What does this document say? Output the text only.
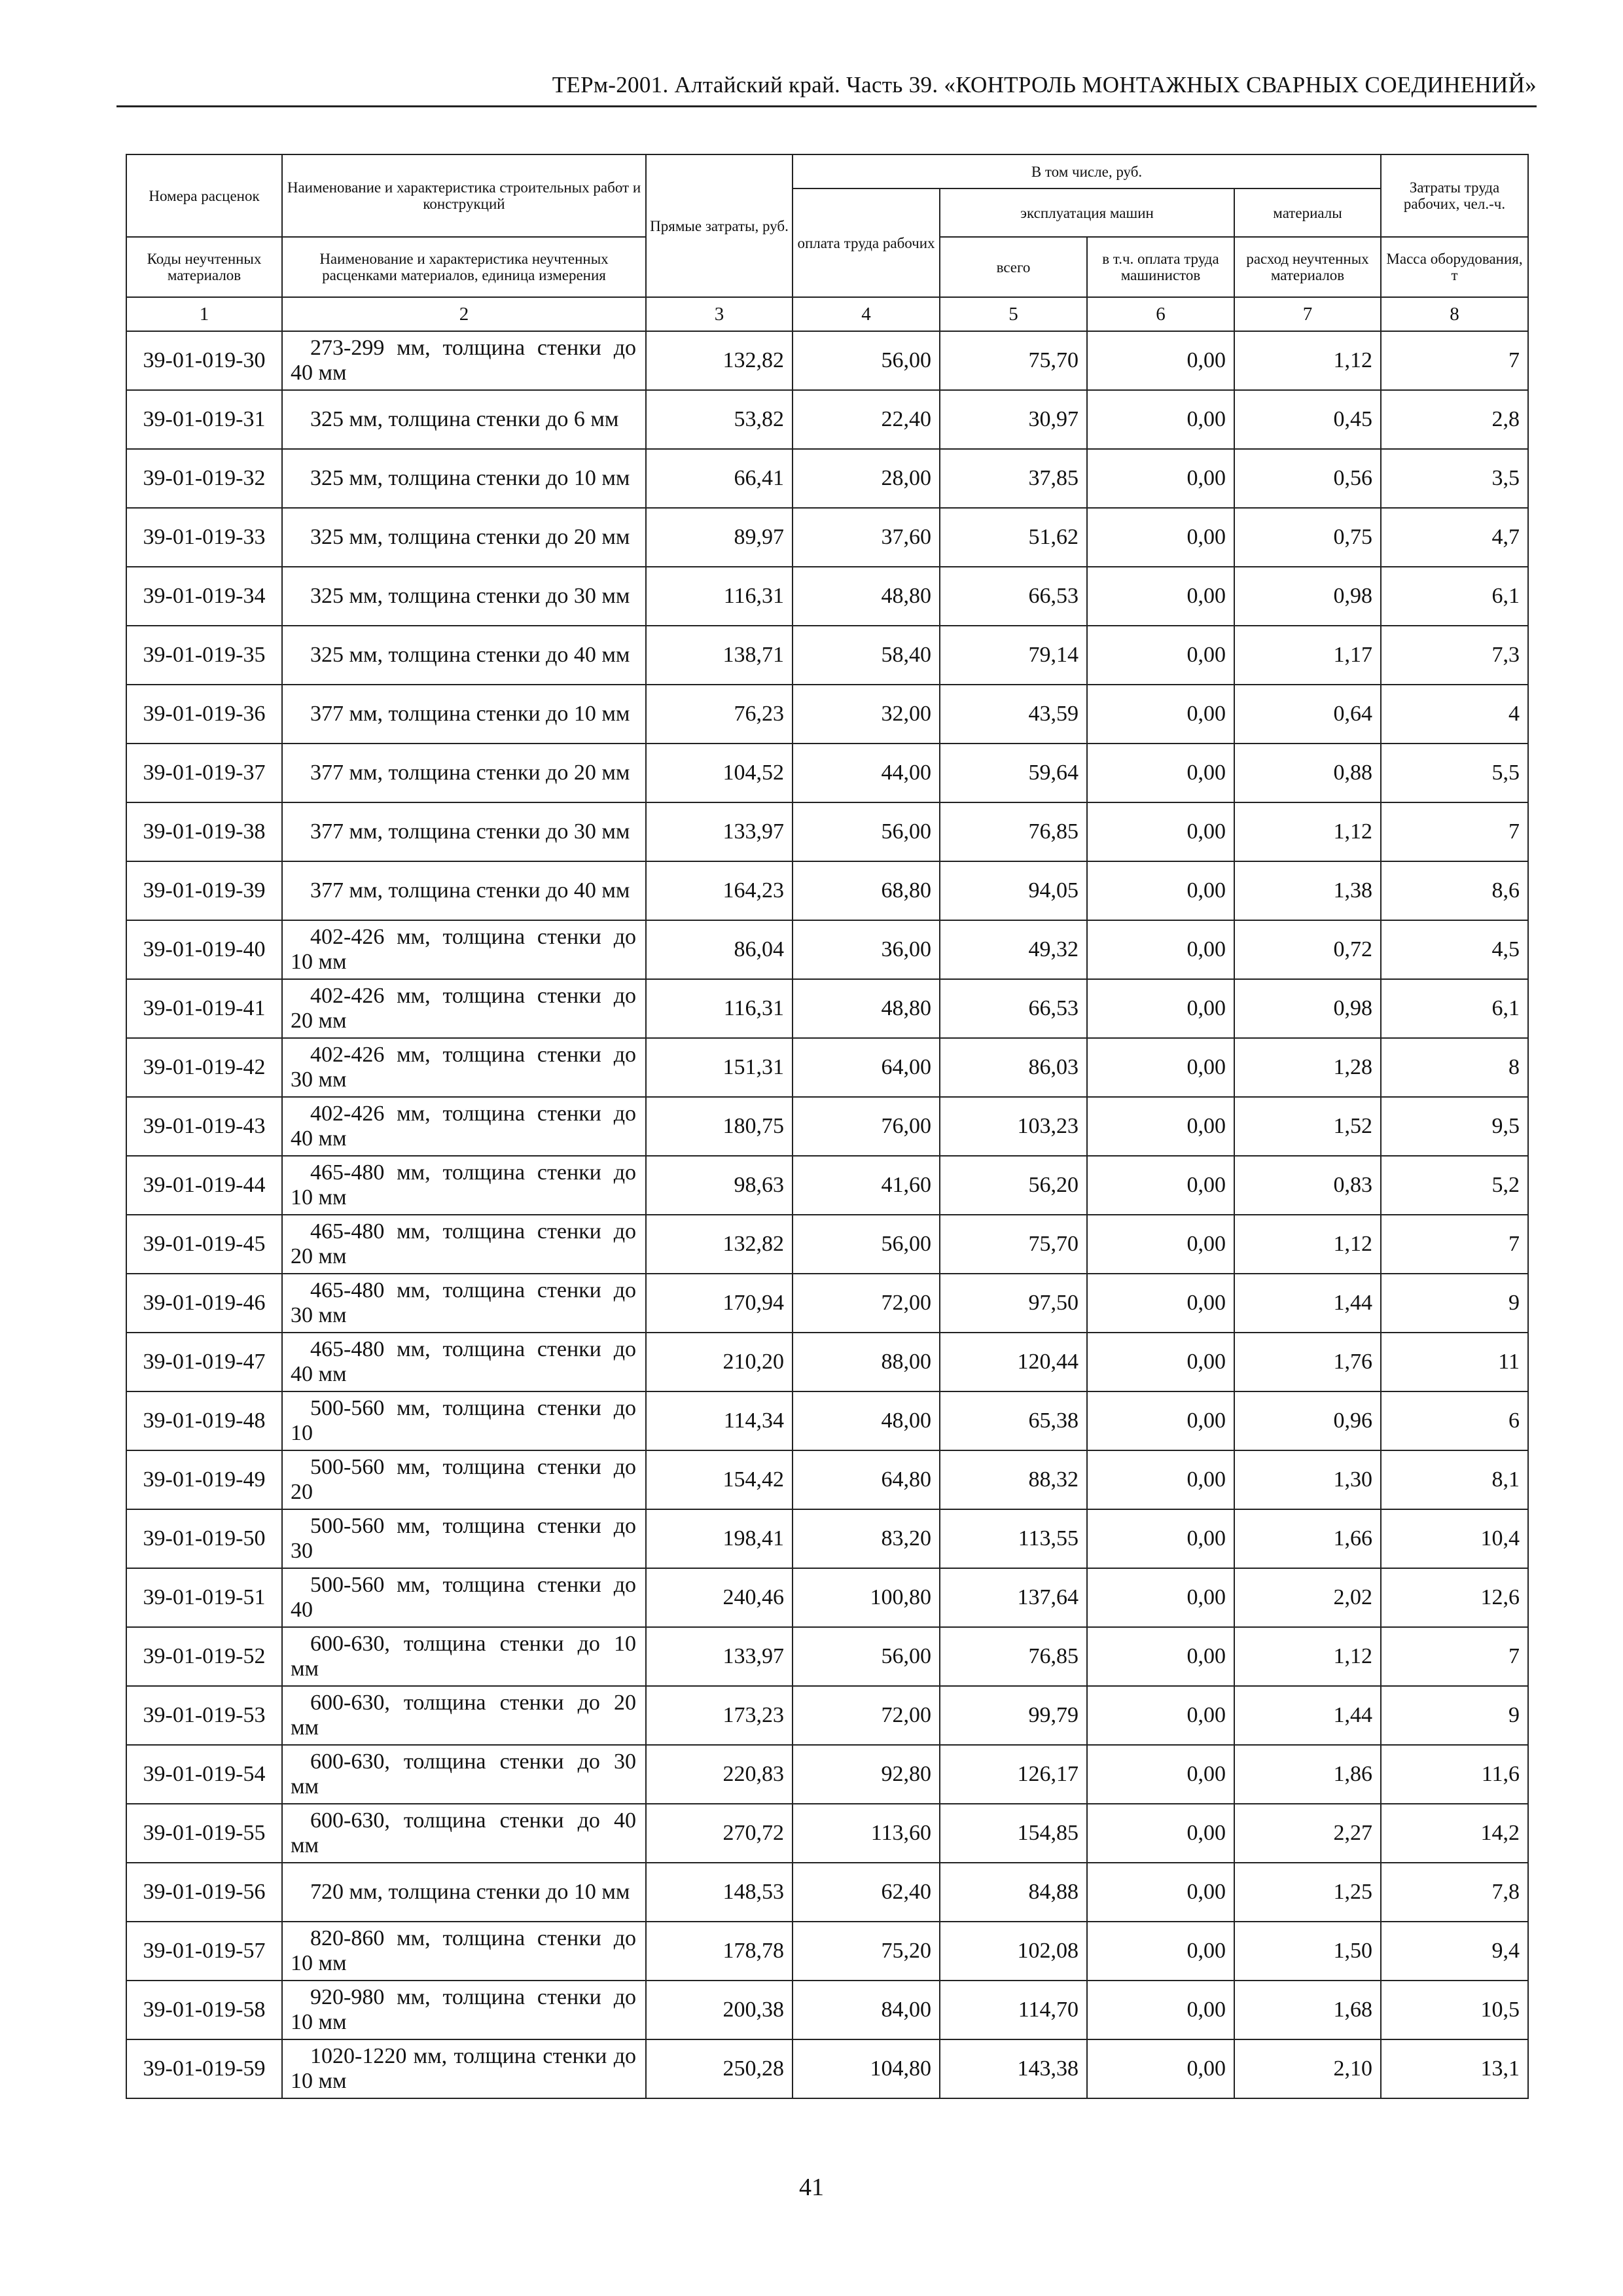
ТЕРм-2001. Алтайский край. Часть 39. «КОНТРОЛЬ МОНТАЖНЫХ СВАРНЫХ СОЕДИНЕНИЙ»
Номера расценок	Наименование и характеристика строительных работ и конструкций	Прямые затраты, руб.	В том числе, руб.				Затраты труда рабочих, чел.-ч.
			оплата труда рабочих	эксплуатация машин		материалы	
Коды неучтенных материалов	Наименование и характеристика неучтенных расценками материалов, единица измерения			всего	в т.ч. оплата труда машинистов	расход неучтенных материалов	Масса оборудования, т
1	2	3	4	5	6	7	8
39-01-019-30	273-299 мм, толщина стенки до 40 мм	132,82	56,00	75,70	0,00	1,12	7
39-01-019-31	325 мм, толщина стенки до 6 мм	53,82	22,40	30,97	0,00	0,45	2,8
39-01-019-32	325 мм, толщина стенки до 10 мм	66,41	28,00	37,85	0,00	0,56	3,5
39-01-019-33	325 мм, толщина стенки до 20 мм	89,97	37,60	51,62	0,00	0,75	4,7
39-01-019-34	325 мм, толщина стенки до 30 мм	116,31	48,80	66,53	0,00	0,98	6,1
39-01-019-35	325 мм, толщина стенки до 40 мм	138,71	58,40	79,14	0,00	1,17	7,3
39-01-019-36	377 мм, толщина стенки до 10 мм	76,23	32,00	43,59	0,00	0,64	4
39-01-019-37	377 мм, толщина стенки до 20 мм	104,52	44,00	59,64	0,00	0,88	5,5
39-01-019-38	377 мм, толщина стенки до 30 мм	133,97	56,00	76,85	0,00	1,12	7
39-01-019-39	377 мм, толщина стенки до 40 мм	164,23	68,80	94,05	0,00	1,38	8,6
39-01-019-40	402-426 мм, толщина стенки до 10 мм	86,04	36,00	49,32	0,00	0,72	4,5
39-01-019-41	402-426 мм, толщина стенки до 20 мм	116,31	48,80	66,53	0,00	0,98	6,1
39-01-019-42	402-426 мм, толщина стенки до 30 мм	151,31	64,00	86,03	0,00	1,28	8
39-01-019-43	402-426 мм, толщина стенки до 40 мм	180,75	76,00	103,23	0,00	1,52	9,5
39-01-019-44	465-480 мм, толщина стенки до 10 мм	98,63	41,60	56,20	0,00	0,83	5,2
39-01-019-45	465-480 мм, толщина стенки до 20 мм	132,82	56,00	75,70	0,00	1,12	7
39-01-019-46	465-480 мм, толщина стенки до 30 мм	170,94	72,00	97,50	0,00	1,44	9
39-01-019-47	465-480 мм, толщина стенки до 40 мм	210,20	88,00	120,44	0,00	1,76	11
39-01-019-48	500-560 мм, толщина стенки до 10	114,34	48,00	65,38	0,00	0,96	6
39-01-019-49	500-560 мм, толщина стенки до 20	154,42	64,80	88,32	0,00	1,30	8,1
39-01-019-50	500-560 мм, толщина стенки до 30	198,41	83,20	113,55	0,00	1,66	10,4
39-01-019-51	500-560 мм, толщина стенки до 40	240,46	100,80	137,64	0,00	2,02	12,6
39-01-019-52	600-630, толщина стенки до 10 мм	133,97	56,00	76,85	0,00	1,12	7
39-01-019-53	600-630, толщина стенки до 20 мм	173,23	72,00	99,79	0,00	1,44	9
39-01-019-54	600-630, толщина стенки до 30 мм	220,83	92,80	126,17	0,00	1,86	11,6
39-01-019-55	600-630, толщина стенки до 40 мм	270,72	113,60	154,85	0,00	2,27	14,2
39-01-019-56	720 мм, толщина стенки до 10 мм	148,53	62,40	84,88	0,00	1,25	7,8
39-01-019-57	820-860 мм, толщина стенки до 10 мм	178,78	75,20	102,08	0,00	1,50	9,4
39-01-019-58	920-980 мм, толщина стенки до 10 мм	200,38	84,00	114,70	0,00	1,68	10,5
39-01-019-59	1020-1220 мм, толщина стенки до 10 мм	250,28	104,80	143,38	0,00	2,10	13,1
41
